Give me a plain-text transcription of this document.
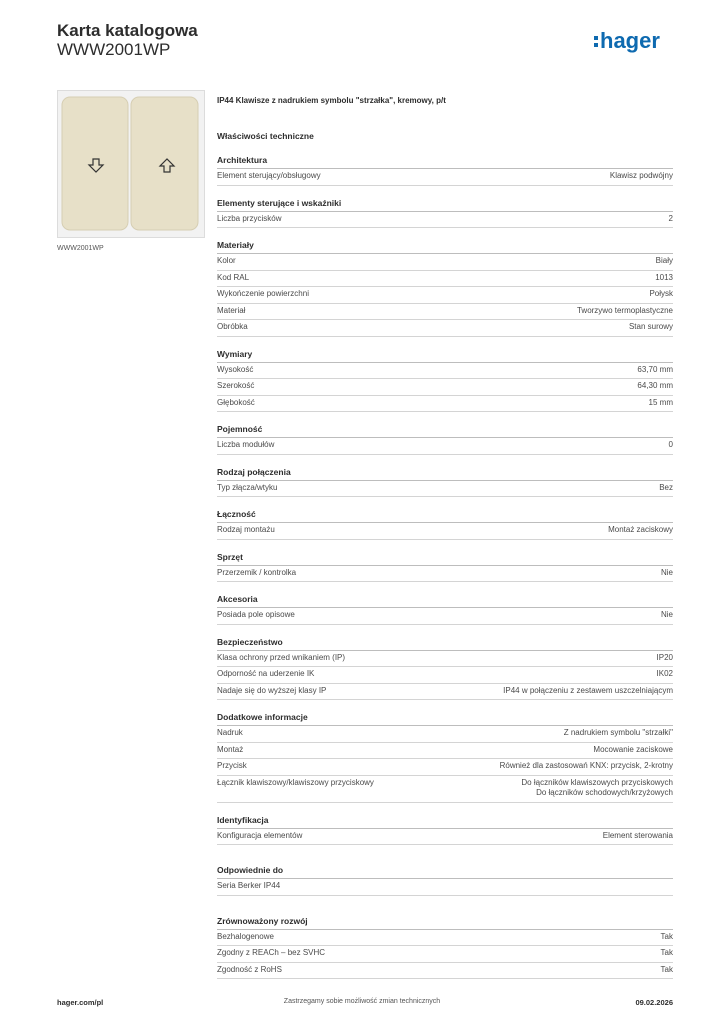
Karta katalogowa
WWW2001WP	hager
WWW2001WP
IP44 Klawisze z nadrukiem symbolu "strzałka", kremowy, p/t
Właściwości techniczne
Architektura
Element sterujący/obsługowy	Klawisz podwójny
Elementy sterujące i wskaźniki
Liczba przycisków	2
Materiały
Kolor	Biały
Kod RAL	1013
Wykończenie powierzchni	Połysk
Materiał	Tworzywo termoplastyczne
Obróbka	Stan surowy
Wymiary
Wysokość	63,70 mm
Szerokość	64,30 mm
Głębokość	15 mm
Pojemność
Liczba modułów	0
Rodzaj połączenia
Typ złącza/wtyku	Bez
Łączność
Rodzaj montażu	Montaż zaciskowy
Sprzęt
Przerzemik / kontrolka	Nie
Akcesoria
Posiada pole opisowe	Nie
Bezpieczeństwo
Klasa ochrony przed wnikaniem (IP)	IP20
Odporność na uderzenie IK	IK02
Nadaje się do wyższej klasy IP	IP44 w połączeniu z zestawem uszczelniającym
Dodatkowe informacje
Nadruk	Z nadrukiem symbolu "strzałki"
Montaż	Mocowanie zaciskowe
Przycisk	Również dla zastosowań KNX: przycisk, 2-krotny
Łącznik klawiszowy/klawiszowy przyciskowy	Do łączników klawiszowych przyciskowych
Do łączników schodowych/krzyżowych
Identyfikacja
Konfiguracja elementów	Element sterowania
Odpowiednie do
Seria Berker IP44
Zrównoważony rozwój
Bezhalogenowe	Tak
Zgodny z REACh – bez SVHC	Tak
Zgodność z RoHS	Tak
hager.com/pl	Zastrzegamy sobie możliwość zmian technicznych	09.02.2026
